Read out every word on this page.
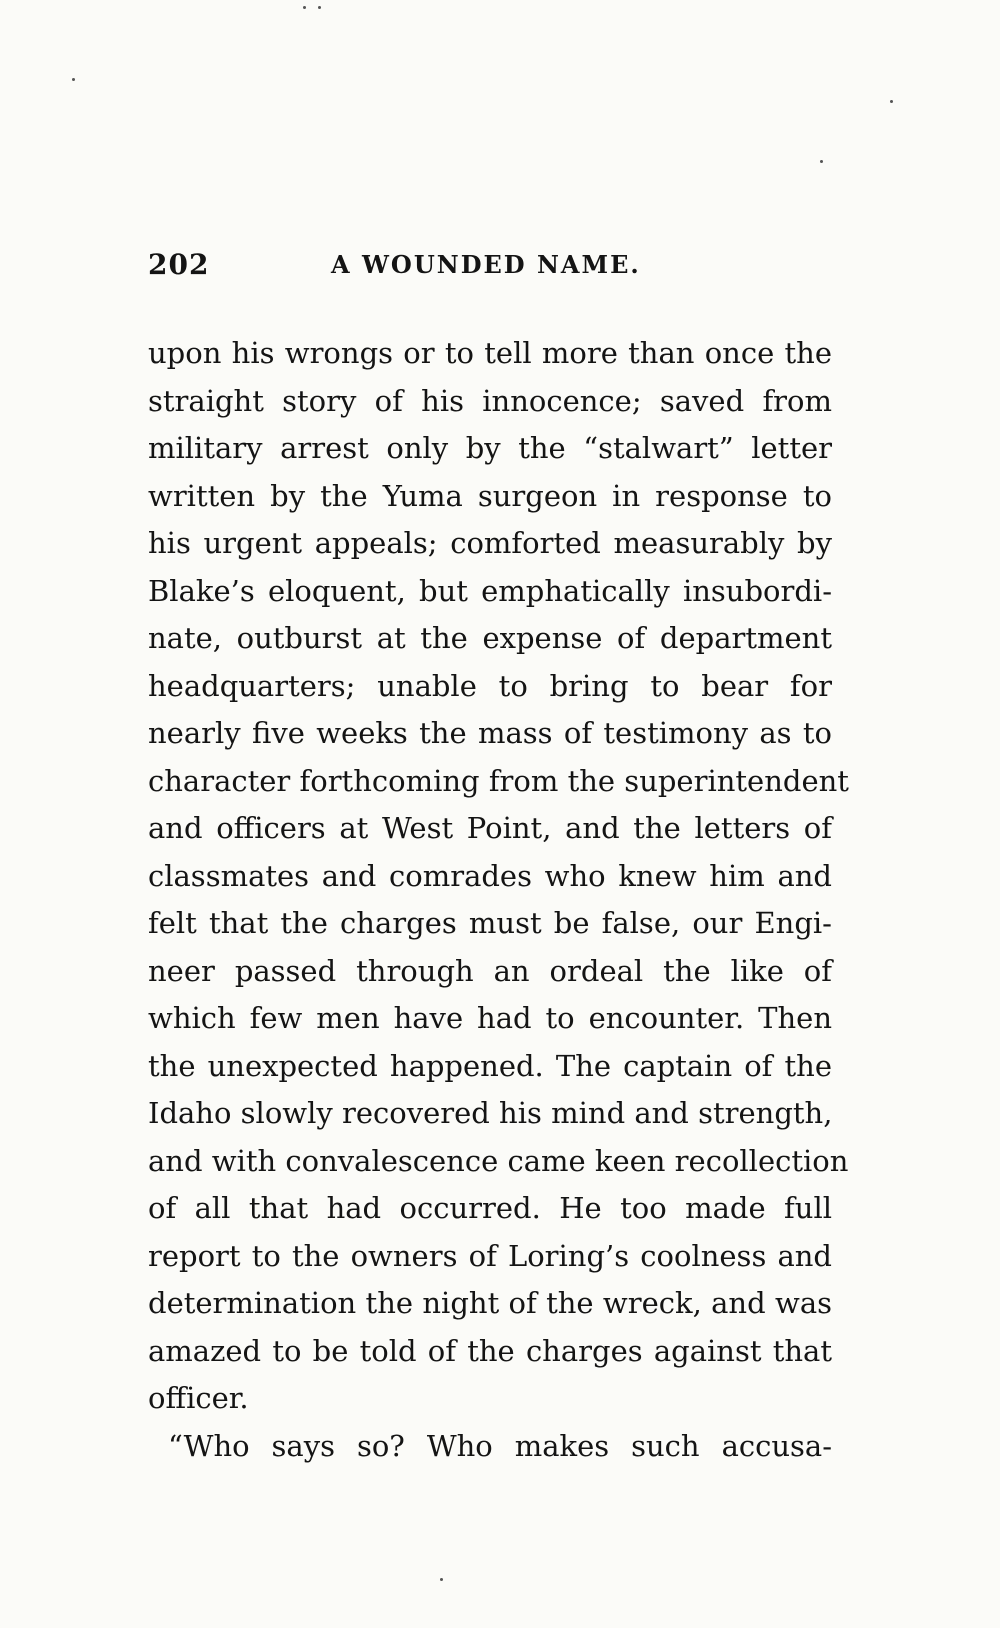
202	A WOUNDED NAME.
upon his wrongs or to tell more than once the
straight story of his innocence; saved from
military arrest only by the “stalwart” letter
written by the Yuma surgeon in response to
his urgent appeals; comforted measurably by
Blake’s eloquent, but emphatically insubordi-
nate, outburst at the expense of department
headquarters; unable to bring to bear for
nearly five weeks the mass of testimony as to
character forthcoming from the superintendent
and officers at West Point, and the letters of
classmates and comrades who knew him and
felt that the charges must be false, our Engi-
neer passed through an ordeal the like of
which few men have had to encounter. Then
the unexpected happened. The captain of the
Idaho slowly recovered his mind and strength,
and with convalescence came keen recollection
of all that had occurred. He too made full
report to the owners of Loring’s coolness and
determination the night of the wreck, and was
amazed to be told of the charges against that
officer.
“Who says so? Who makes such accusa-
